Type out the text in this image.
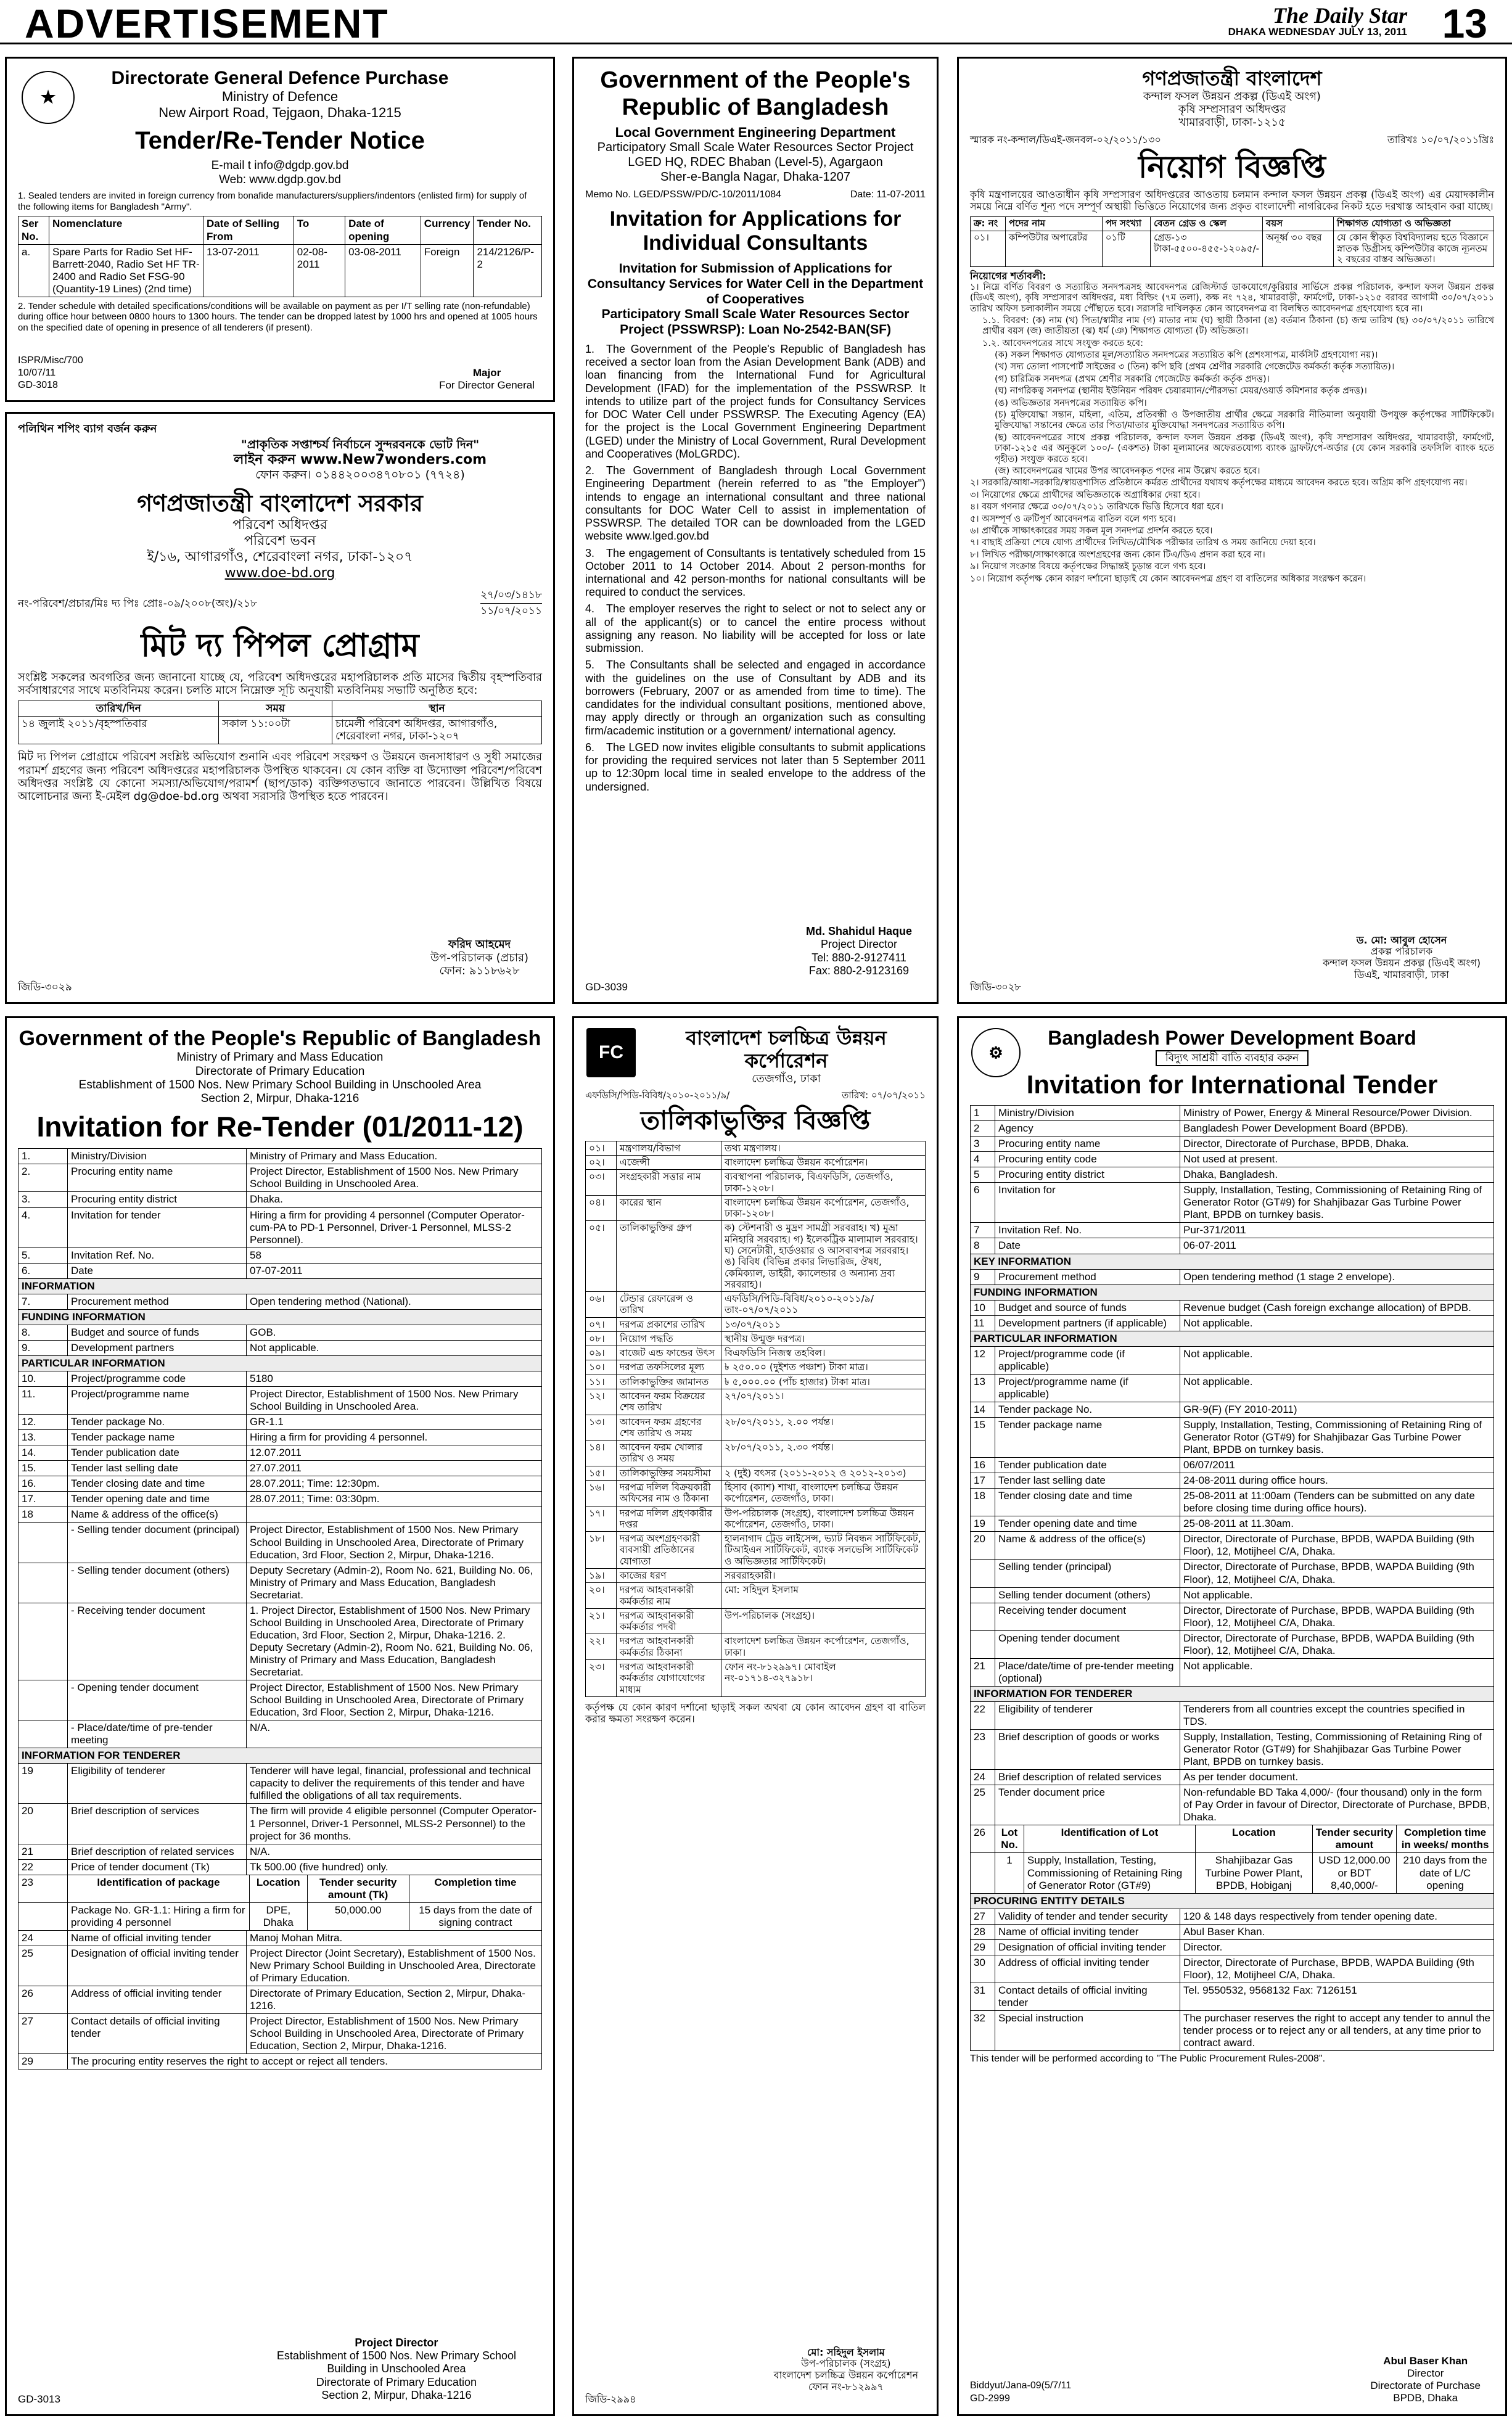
ADVERTISEMENT	The Daily Star
DHAKA WEDNESDAY JULY 13, 2011 13
★
Directorate General Defence Purchase
Ministry of Defence
New Airport Road, Tejgaon, Dhaka-1215
Tender/Re-Tender Notice
E-mail t info@dgdp.gov.bd
Web: www.dgdp.gov.bd

1. Sealed tenders are invited in foreign currency from bonafide manufacturers/suppliers/indentors (enlisted firm) for supply of the following items for Bangladesh "Army".

Ser No.	Nomenclature	Date of Selling From	To	Date of opening	Currency	Tender No.
a.	Spare Parts for Radio Set HF-Barrett-2040, Radio Set HF TR-2400 and Radio Set FSG-90 (Quantity-19 Lines) (2nd time)	13-07-2011	02-08-2011	03-08-2011	Foreign	214/2126/P-2

2. Tender schedule with detailed specifications/conditions will be available on payment as per I/T selling rate (non-refundable) during office hour between 0800 hours to 1300 hours. The tender can be dropped latest by 1000 hrs and opened at 1005 hours on the specified date of opening in presence of all tenderers (if present).

ISPR/Misc/700
10/07/11
GD-3018
Major
For Director General
পলিথিন শপিং ব্যাগ বর্জন করুন
"প্রাকৃতিক সপ্তাশ্চর্য নির্বাচনে সুন্দরবনকে ভোট দিন"
লাইন করুন www.New7wonders.com
ফোন করুন। ০১৪৪২০০৩৪৭০৮০১ (৭৭২৪)
গণপ্রজাতন্ত্রী বাংলাদেশ সরকার
পরিবেশ অধিদপ্তর
পরিবেশ ভবন
ই/১৬, আগারগাঁও, শেরেবাংলা নগর, ঢাকা-১২০৭
www.doe-bd.org
নং-পরিবেশ/প্রচার/মিঃ দ্য পিঃ প্রোঃ-০৯/২০০৮(অং)/২১৮
২৭/০৩/১৪১৮
১১/০৭/২০১১
মিট দ্য পিপল প্রোগ্রাম

সংশ্লিষ্ট সকলের অবগতির জন্য জানানো যাচ্ছে যে, পরিবেশ অধিদপ্তরের মহাপরিচালক প্রতি মাসের দ্বিতীয় বৃহস্পতিবার সর্বসাধারণের সাথে মতবিনিময় করেন। চলতি মাসে নিম্নোক্ত সূচি অনুযায়ী মতবিনিময় সভাটি অনুষ্ঠিত হবে:

তারিখ/দিন	সময়	স্থান
১৪ জুলাই ২০১১/বৃহস্পতিবার	সকাল ১১:০০টা	চামেলী পরিবেশ অধিদপ্তর, আগারগাঁও, শেরেবাংলা নগর, ঢাকা-১২০৭

মিট দ্য পিপল প্রোগ্রামে পরিবেশ সংশ্লিষ্ট অভিযোগ শুনানি এবং পরিবেশ সংরক্ষণ ও উন্নয়নে জনসাধারণ ও সুধী সমাজের পরামর্শ গ্রহণের জন্য পরিবেশ অধিদপ্তরের মহাপরিচালক উপস্থিত থাকবেন। যে কোন ব্যক্তি বা উদ্যোক্তা পরিবেশ/পরিবেশ অধিদপ্তর সংশ্লিষ্ট যে কোনো সমস্যা/অভিযোগ/পরামর্শ (ছাপ/ডাক) ব্যক্তিগতভাবে জানাতে পারবেন। উল্লিখিত বিষয়ে আলোচনার জন্য ই-মেইল dg@doe-bd.org অথবা সরাসরি উপস্থিত হতে পারবেন।

ফরিদ আহমেদ
উপ-পরিচালক (প্রচার)
ফোন: ৯১১৮৬২৮
জিডি-৩০২৯
Government of the People's Republic of Bangladesh
Local Government Engineering Department
Participatory Small Scale Water Resources Sector Project
LGED HQ, RDEC Bhaban (Level-5), Agargaon
Sher-e-Bangla Nagar, Dhaka-1207
Memo No. LGED/PSSW/PD/C-10/2011/1084	Date: 11-07-2011
Invitation for Applications for Individual Consultants
Invitation for Submission of Applications for Consultancy Services for Water Cell in the Department of Cooperatives
Participatory Small Scale Water Resources Sector Project (PSSWRSP): Loan No-2542-BAN(SF)

1. The Government of the People's Republic of Bangladesh has received a sector loan from the Asian Development Bank (ADB) and loan financing from the International Fund for Agricultural Development (IFAD) for the implementation of the PSSWRSP. It intends to utilize part of the project funds for Consultancy Services for DOC Water Cell under PSSWRSP. The Executing Agency (EA) for the project is the Local Government Engineering Department (LGED) under the Ministry of Local Government, Rural Development and Cooperatives (MoLGRDC).

2. The Government of Bangladesh through Local Government Engineering Department (herein referred to as "the Employer") intends to engage an international consultant and three national consultants for DOC Water Cell to assist in implementation of PSSWRSP. The detailed TOR can be downloaded from the LGED website www.lged.gov.bd

3. The engagement of Consultants is tentatively scheduled from 15 October 2011 to 14 October 2014. About 2 person-months for international and 42 person-months for national consultants will be required to conduct the services.

4. The employer reserves the right to select or not to select any or all of the applicant(s) or to cancel the entire process without assigning any reason. No liability will be accepted for loss or late submission.

5. The Consultants shall be selected and engaged in accordance with the guidelines on the use of Consultant by ADB and its borrowers (February, 2007 or as amended from time to time). The candidates for the individual consultant positions, mentioned above, may apply directly or through an organization such as consulting firm/academic institution or a government/ international agency.

6. The LGED now invites eligible consultants to submit applications for providing the required services not later than 5 September 2011 up to 12:30pm local time in sealed envelope to the address of the undersigned.

Md. Shahidul Haque
Project Director
Tel: 880-2-9127411
Fax: 880-2-9123169
GD-3039
গণপ্রজাতন্ত্রী বাংলাদেশ
কন্দাল ফসল উন্নয়ন প্রকল্প (ডিএই অংগ)
কৃষি সম্প্রসারণ অধিদপ্তর
খামারবাড়ী, ঢাকা-১২১৫
স্মারক নং-কন্দাল/ডিএই-জনবল-০২/২০১১/১৩০	তারিখঃ ১০/০৭/২০১১খ্রিঃ
নিয়োগ বিজ্ঞপ্তি

কৃষি মন্ত্রণালয়ের আওতাধীন কৃষি সম্প্রসারণ অধিদপ্তরের আওতায় চলমান কন্দাল ফসল উন্নয়ন প্রকল্প (ডিএই অংগ) এর মেয়াদকালীন সময়ে নিম্নে বর্ণিত শূন্য পদে সম্পূর্ণ অস্থায়ী ভিত্তিতে নিয়োগের জন্য প্রকৃত বাংলাদেশী নাগরিকের নিকট হতে দরখাস্ত আহবান করা যাচ্ছে।

ক্র: নং	পদের নাম	পদ সংখ্যা	বেতন গ্রেড ও স্কেল	বয়স	শিক্ষাগত যোগ্যতা ও অভিজ্ঞতা
০১।	কম্পিউটার অপারেটর	০১টি	গ্রেড-১৩ টাকা-৫৫০০-৪৫৫-১২০৯৫/-	অনূর্ধ্ব ৩০ বছর	যে কোন স্বীকৃত বিশ্ববিদ্যালয় হতে বিজ্ঞানে স্নাতক ডিগ্রীসহ কম্পিউটার কাজে ন্যূনতম ২ বছরের বাস্তব অভিজ্ঞতা।
নিয়োগের শর্তাবলী:

১। নিম্নে বর্ণিত বিবরণ ও সত্যায়িত সনদপত্রসহ আবেদনপত্র রেজিস্টার্ড ডাকযোগে/কুরিয়ার সার্ভিসে প্রকল্প পরিচালক, কন্দাল ফসল উন্নয়ন প্রকল্প (ডিএই অংগ), কৃষি সম্প্রসারণ অধিদপ্তর, মধ্য বিল্ডিং (৭ম তলা), কক্ষ নং ৭২৪, খামারবাড়ী, ফার্মগেট, ঢাকা-১২১৫ বরাবর আগামী ৩০/০৭/২০১১ তারিখ অফিস চলাকালীন সময়ে পৌঁছাতে হবে। সরাসরি দাখিলকৃত কোন আবেদনপত্র বা বিলম্বিত আবেদনপত্র গ্রহণযোগ্য হবে না।

১.১. বিবরণ: (ক) নাম (খ) পিতা/স্বামীর নাম (গ) মাতার নাম (ঘ) স্থায়ী ঠিকানা (ঙ) বর্তমান ঠিকানা (চ) জন্ম তারিখ (ছ) ৩০/০৭/২০১১ তারিখে প্রার্থীর বয়স (জ) জাতীয়তা (ঝ) ধর্ম (ঞ) শিক্ষাগত যোগ্যতা (ট) অভিজ্ঞতা।

১.২. আবেদনপত্রের সাথে সংযুক্ত করতে হবে:

(ক) সকল শিক্ষাগত যোগ্যতার মূল/সত্যায়িত সনদপত্রের সত্যায়িত কপি (প্রশংসাপত্র, মার্কসিট গ্রহণযোগ্য নয়)।

(খ) সদ্য তোলা পাসপোর্ট সাইজের ৩ (তিন) কপি ছবি (প্রথম শ্রেণীর সরকারি গেজেটেড কর্মকর্তা কর্তৃক সত্যায়িত)।

(গ) চারিত্রিক সনদপত্র (প্রথম শ্রেণীর সরকারি গেজেটেড কর্মকর্তা কর্তৃক প্রদত্ত)।

(ঘ) নাগরিকত্ব সনদপত্র (স্থানীয় ইউনিয়ন পরিষদ চেয়ারম্যান/পৌরসভা মেয়র/ওয়ার্ড কমিশনার কর্তৃক প্রদত্ত)।

(ঙ) অভিজ্ঞতার সনদপত্রের সত্যায়িত কপি।

(চ) মুক্তিযোদ্ধা সন্তান, মহিলা, এতিম, প্রতিবন্ধী ও উপজাতীয় প্রার্থীর ক্ষেত্রে সরকারি নীতিমালা অনুযায়ী উপযুক্ত কর্তৃপক্ষের সার্টিফিকেট। মুক্তিযোদ্ধা সন্তানের ক্ষেত্রে তার পিতা/মাতার মুক্তিযোদ্ধা সনদপত্রের সত্যায়িত কপি।

(ছ) আবেদনপত্রের সাথে প্রকল্প পরিচালক, কন্দাল ফসল উন্নয়ন প্রকল্প (ডিএই অংগ), কৃষি সম্প্রসারণ অধিদপ্তর, খামারবাড়ী, ফার্মগেট, ঢাকা-১২১৫ এর অনুকূলে ১০০/- (একশত) টাকা মূল্যমানের অফেরতযোগ্য ব্যাংক ড্রাফট/পে-অর্ডার (যে কোন সরকারি তফসিলি ব্যাংক হতে গৃহীত) সংযুক্ত করতে হবে।

(জ) আবেদনপত্রের খামের উপর আবেদনকৃত পদের নাম উল্লেখ করতে হবে।

২। সরকারি/আধা-সরকারি/স্বায়ত্তশাসিত প্রতিষ্ঠানে কর্মরত প্রার্থীদের যথাযথ কর্তৃপক্ষের মাধ্যমে আবেদন করতে হবে। অগ্রিম কপি গ্রহণযোগ্য নয়।

৩। নিয়োগের ক্ষেত্রে প্রার্থীদের অভিজ্ঞতাকে অগ্রাধিকার দেয়া হবে।

৪। বয়স গণনার ক্ষেত্রে ৩০/০৭/২০১১ তারিখকে ভিত্তি হিসেবে ধরা হবে।

৫। অসম্পূর্ণ ও ত্রুটিপূর্ণ আবেদনপত্র বাতিল বলে গণ্য হবে।

৬। প্রার্থীকে সাক্ষাৎকারের সময় সকল মূল সনদপত্র প্রদর্শন করতে হবে।

৭। বাছাই প্রক্রিয়া শেষে যোগ্য প্রার্থীদের লিখিত/মৌখিক পরীক্ষার তারিখ ও সময় জানিয়ে দেয়া হবে।

৮। লিখিত পরীক্ষা/সাক্ষাৎকারে অংশগ্রহণের জন্য কোন টিএ/ডিএ প্রদান করা হবে না।

৯। নিয়োগ সংক্রান্ত বিষয়ে কর্তৃপক্ষের সিদ্ধান্তই চূড়ান্ত বলে গণ্য হবে।

১০। নিয়োগ কর্তৃপক্ষ কোন কারণ দর্শানো ছাড়াই যে কোন আবেদনপত্র গ্রহণ বা বাতিলের অধিকার সংরক্ষণ করেন।

ড. মো: আবুল হোসেন
প্রকল্প পরিচালক
কন্দাল ফসল উন্নয়ন প্রকল্প (ডিএই অংগ)
ডিএই, খামারবাড়ী, ঢাকা
জিডি-৩০২৮
Government of the People's Republic of Bangladesh
Ministry of Primary and Mass Education
Directorate of Primary Education
Establishment of 1500 Nos. New Primary School Building in Unschooled Area
Section 2, Mirpur, Dhaka-1216
Invitation for Re-Tender (01/2011-12)
1.	Ministry/Division	Ministry of Primary and Mass Education.
2.	Procuring entity name	Project Director, Establishment of 1500 Nos. New Primary School Building in Unschooled Area.
3.	Procuring entity district	Dhaka.
4.	Invitation for tender	Hiring a firm for providing 4 personnel (Computer Operator-cum-PA to PD-1 Personnel, Driver-1 Personnel, MLSS-2 Personnel).
5.	Invitation Ref. No.	58
6.	Date	07-07-2011
INFORMATION		
7.	Procurement method	Open tendering method (National).
FUNDING INFORMATION		
8.	Budget and source of funds	GOB.
9.	Development partners	Not applicable.
PARTICULAR INFORMATION		
10.	Project/programme code	5180
11.	Project/programme name	Project Director, Establishment of 1500 Nos. New Primary School Building in Unschooled Area.
12.	Tender package No.	GR-1.1
13.	Tender package name	Hiring a firm for providing 4 personnel.
14.	Tender publication date	12.07.2011
15.	Tender last selling date	27.07.2011
16.	Tender closing date and time	28.07.2011; Time: 12:30pm.
17.	Tender opening date and time	28.07.2011; Time: 03:30pm.
18	Name & address of the office(s)	
	- Selling tender document (principal)	Project Director, Establishment of 1500 Nos. New Primary School Building in Unschooled Area, Directorate of Primary Education, 3rd Floor, Section 2, Mirpur, Dhaka-1216.
	- Selling tender document (others)	Deputy Secretary (Admin-2), Room No. 621, Building No. 06, Ministry of Primary and Mass Education, Bangladesh Secretariat.
	- Receiving tender document	1. Project Director, Establishment of 1500 Nos. New Primary School Building in Unschooled Area, Directorate of Primary Education, 3rd Floor, Section 2, Mirpur, Dhaka-1216. 2. Deputy Secretary (Admin-2), Room No. 621, Building No. 06, Ministry of Primary and Mass Education, Bangladesh Secretariat.
	- Opening tender document	Project Director, Establishment of 1500 Nos. New Primary School Building in Unschooled Area, Directorate of Primary Education, 3rd Floor, Section 2, Mirpur, Dhaka-1216.
	- Place/date/time of pre-tender meeting	N/A.
INFORMATION FOR TENDERER		
19	Eligibility of tenderer	Tenderer will have legal, financial, professional and technical capacity to deliver the requirements of this tender and have fulfilled the obligations of all tax requirements.
20	Brief description of services	The firm will provide 4 eligible personnel (Computer Operator-1 Personnel, Driver-1 Personnel, MLSS-2 Personnel) to the project for 36 months.
21	Brief description of related services	N/A.
22	Price of tender document (Tk)	Tk 500.00 (five hundred) only.
23	Identification of package	Location	Tender security amount (Tk)	Completion time
	Package No. GR-1.1: Hiring a firm for providing 4 personnel	DPE, Dhaka	50,000.00	15 days from the date of signing contract
24	Name of official inviting tender	Manoj Mohan Mitra.
25	Designation of official inviting tender	Project Director (Joint Secretary), Establishment of 1500 Nos. New Primary School Building in Unschooled Area, Directorate of Primary Education.
26	Address of official inviting tender	Directorate of Primary Education, Section 2, Mirpur, Dhaka-1216.
27	Contact details of official inviting tender	Project Director, Establishment of 1500 Nos. New Primary School Building in Unschooled Area, Directorate of Primary Education, Section 2, Mirpur, Dhaka-1216.
29	The procuring entity reserves the right to accept or reject all tenders.
Project Director
Establishment of 1500 Nos. New Primary School
Building in Unschooled Area
Directorate of Primary Education
Section 2, Mirpur, Dhaka-1216
GD-3013
FC
বাংলাদেশ চলচ্চিত্র উন্নয়ন
কর্পোরেশন
তেজগাঁও, ঢাকা
এফডিসি/পিডি-বিবিধ/২০১০-২০১১/৯/	তারিখ: ০৭/০৭/২০১১
তালিকাভুক্তির বিজ্ঞপ্তি
০১।	মন্ত্রণালয়/বিভাগ	তথ্য মন্ত্রণালয়।
০২।	এজেন্সী	বাংলাদেশ চলচ্চিত্র উন্নয়ন কর্পোরেশন।
০৩।	সংগ্রহকারী সত্তার নাম	ব্যবস্থাপনা পরিচালক, বিএফডিসি, তেজগাঁও, ঢাকা-১২০৮।
০৪।	কারের স্থান	বাংলাদেশ চলচ্চিত্র উন্নয়ন কর্পোরেশন, তেজগাঁও, ঢাকা-১২০৮।
০৫।	তালিকাভুক্তির গ্রুপ	ক) স্টেশনারী ও মুদ্রণ সামগ্রী সরবরাহ। খ) মুভ্রা মনিহারি সরবরাহ। গ) ইলেকট্রিক মালামাল সরবরাহ। ঘ) সেনেটারী, হার্ডওয়ার ও আসবাবপত্র সরবরাহ। ঙ) বিবিধ (বিভিন্ন প্রকার লিভারিজ, ঔষধ, কেমিক্যাল, ডাইরী, ক্যালেন্ডার ও অন্যান্য দ্রব্য সরবরাহ)।
০৬।	টেন্ডার রেফারেন্স ও তারিখ	এফডিসি/পিডি-বিবিধ/২০১০-২০১১/৯/ তাং-০৭/০৭/২০১১
০৭।	দরপত্র প্রকাশের তারিখ	১৩/০৭/২০১১
০৮।	নিয়োগ পদ্ধতি	স্থানীয় উন্মুক্ত দরপত্র।
০৯।	বাজেট এন্ড ফান্ডের উৎস	বিএফডিসি নিজস্ব তহবিল।
১০।	দরপত্র তফসিলের মূল্য	৳ ২৫০.০০ (দুইশত পঞ্চাশ) টাকা মাত্র।
১১।	তালিকাভুক্তির জামানত	৳ ৫,০০০.০০ (পাঁচ হাজার) টাকা মাত্র।
১২।	আবেদন ফরম বিক্রয়ের শেষ তারিখ	২৭/০৭/২০১১।
১৩।	আবেদন ফরম গ্রহণের শেষ তারিখ ও সময়	২৮/০৭/২০১১, ২.০০ পর্যন্ত।
১৪।	আবেদন ফরম খোলার তারিখ ও সময়	২৮/০৭/২০১১, ২.৩০ পর্যন্ত।
১৫।	তালিকাভুক্তির সময়সীমা	২ (দুই) বৎসর (২০১১-২০১২ ও ২০১২-২০১৩)
১৬।	দরপত্র দলিল বিক্রয়কারী অফিসের নাম ও ঠিকানা	হিসাব (ক্যাশ) শাখা, বাংলাদেশ চলচ্চিত্র উন্নয়ন কর্পোরেশন, তেজগাঁও, ঢাকা।
১৭।	দরপত্র দলিল গ্রহণকারীর দপ্তর	উপ-পরিচালক (সংগ্রহ), বাংলাদেশ চলচ্চিত্র উন্নয়ন কর্পোরেশন, তেজগাঁও, ঢাকা।
১৮।	দরপত্র অংশগ্রহণকারী ব্যবসায়ী প্রতিষ্ঠানের যোগ্যতা	হালনাগাদ ট্রেড লাইসেন্স, ভ্যাট নিবন্ধন সার্টিফিকেট, টিআইএন সার্টিফিকেট, ব্যাংক সলভেন্সি সার্টিফিকেট ও অভিজ্ঞতার সার্টিফিকেট।
১৯।	কাজের ধরণ	সরবরাহকারী।
২০।	দরপত্র আহবানকারী কর্মকর্তার নাম	মো: সহিদুল ইসলাম
২১।	দরপত্র আহবানকারী কর্মকর্তার পদবী	উপ-পরিচালক (সংগ্রহ)।
২২।	দরপত্র আহবানকারী কর্মকর্তার ঠিকানা	বাংলাদেশ চলচ্চিত্র উন্নয়ন কর্পোরেশন, তেজগাঁও, ঢাকা।
২৩।	দরপত্র আহবানকারী কর্মকর্তার যোগাযোগের মাধ্যম	ফোন নং-৮১২৯৯৭। মোবাইল নং-০১৭১৪-৩২৭৯১৮।

কর্তৃপক্ষ যে কোন কারণ দর্শানো ছাড়াই সকল অথবা যে কোন আবেদন গ্রহণ বা বাতিল করার ক্ষমতা সংরক্ষণ করেন।

মো: সহিদুল ইসলাম
উপ-পরিচালক (সংগ্রহ)
বাংলাদেশ চলচ্চিত্র উন্নয়ন কর্পোরেশন
ফোন নং-৮১২৯৯৭
জিডি-২৯৯৪
⚙
Bangladesh Power Development Board
বিদ্যুৎ সাশ্রয়ী বাতি ব্যবহার করুন
Invitation for International Tender
1	Ministry/Division	Ministry of Power, Energy & Mineral Resource/Power Division.
2	Agency	Bangladesh Power Development Board (BPDB).
3	Procuring entity name	Director, Directorate of Purchase, BPDB, Dhaka.
4	Procuring entity code	Not used at present.
5	Procuring entity district	Dhaka, Bangladesh.
6	Invitation for	Supply, Installation, Testing, Commissioning of Retaining Ring of Generator Rotor (GT#9) for Shahjibazar Gas Turbine Power Plant, BPDB on turnkey basis.
7	Invitation Ref. No.	Pur-371/2011
8	Date	06-07-2011
KEY INFORMATION		
9	Procurement method	Open tendering method (1 stage 2 envelope).
FUNDING INFORMATION		
10	Budget and source of funds	Revenue budget (Cash foreign exchange allocation) of BPDB.
11	Development partners (if applicable)	Not applicable.
PARTICULAR INFORMATION		
12	Project/programme code (if applicable)	Not applicable.
13	Project/programme name (if applicable)	Not applicable.
14	Tender package No.	GR-9(F) (FY 2010-2011)
15	Tender package name	Supply, Installation, Testing, Commissioning of Retaining Ring of Generator Rotor (GT#9) for Shahjibazar Gas Turbine Power Plant, BPDB on turnkey basis.
16	Tender publication date	06/07/2011
17	Tender last selling date	24-08-2011 during office hours.
18	Tender closing date and time	25-08-2011 at 11:00am (Tenders can be submitted on any date before closing time during office hours).
19	Tender opening date and time	25-08-2011 at 11.30am.
20	Name & address of the office(s)	Director, Directorate of Purchase, BPDB, WAPDA Building (9th Floor), 12, Motijheel C/A, Dhaka.
	Selling tender (principal)	Director, Directorate of Purchase, BPDB, WAPDA Building (9th Floor), 12, Motijheel C/A, Dhaka.
	Selling tender document (others)	Not applicable.
	Receiving tender document	Director, Directorate of Purchase, BPDB, WAPDA Building (9th Floor), 12, Motijheel C/A, Dhaka.
	Opening tender document	Director, Directorate of Purchase, BPDB, WAPDA Building (9th Floor), 12, Motijheel C/A, Dhaka.
21	Place/date/time of pre-tender meeting (optional)	Not applicable.
INFORMATION FOR TENDERER		
22	Eligibility of tenderer	Tenderers from all countries except the countries specified in TDS.
23	Brief description of goods or works	Supply, Installation, Testing, Commissioning of Retaining Ring of Generator Rotor (GT#9) for Shahjibazar Gas Turbine Power Plant, BPDB on turnkey basis.
24	Brief description of related services	As per tender document.
25	Tender document price	Non-refundable BD Taka 4,000/- (four thousand) only in the form of Pay Order in favour of Director, Directorate of Purchase, BPDB, Dhaka.
26	Lot No.	Identification of Lot	Location	Tender security amount	Completion time in weeks/ months
	1	Supply, Installation, Testing, Commissioning of Retaining Ring of Generator Rotor (GT#9)	Shahjibazar Gas Turbine Power Plant, BPDB, Hobiganj	USD 12,000.00 or BDT 8,40,000/-	210 days from the date of L/C opening
PROCURING ENTITY DETAILS		
27	Validity of tender and tender security	120 & 148 days respectively from tender opening date.
28	Name of official inviting tender	Abul Baser Khan.
29	Designation of official inviting tender	Director.
30	Address of official inviting tender	Director, Directorate of Purchase, BPDB, WAPDA Building (9th Floor), 12, Motijheel C/A, Dhaka.
31	Contact details of official inviting tender	Tel. 9550532, 9568132 Fax: 7126151
32	Special instruction	The purchaser reserves the right to accept any tender to annul the tender process or to reject any or all tenders, at any time prior to contract award.
This tender will be performed according to "The Public Procurement Rules-2008".
Abul Baser Khan
Director
Directorate of Purchase
BPDB, Dhaka
Biddyut/Jana-09(5/7/11
GD-2999
